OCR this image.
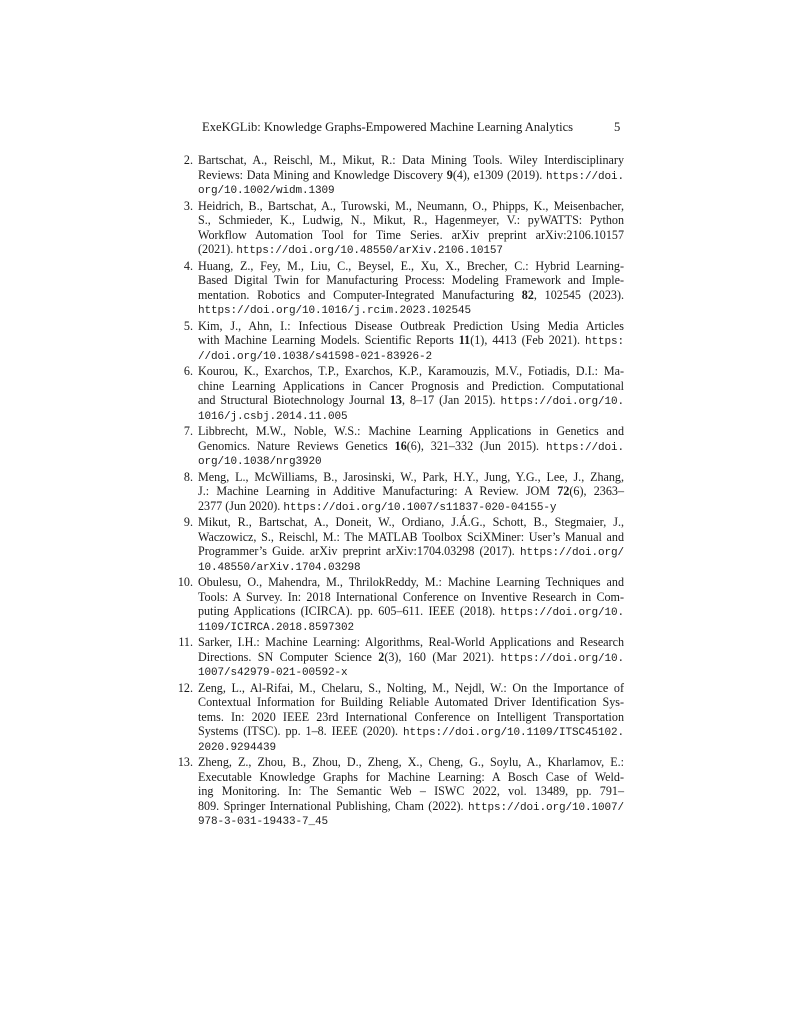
ExeKGLib: Knowledge Graphs-Empowered Machine Learning Analytics	5
2. Bartschat, A., Reischl, M., Mikut, R.: Data Mining Tools. Wiley Interdisciplinary
Reviews: Data Mining and Knowledge Discovery 9(4), e1309 (2019). https://doi.
org/10.1002/widm.1309
3. Heidrich, B., Bartschat, A., Turowski, M., Neumann, O., Phipps, K., Meisenbacher,
S., Schmieder, K., Ludwig, N., Mikut, R., Hagenmeyer, V.: pyWATTS: Python
Workflow Automation Tool for Time Series. arXiv preprint arXiv:2106.10157
(2021). https://doi.org/10.48550/arXiv.2106.10157
4. Huang, Z., Fey, M., Liu, C., Beysel, E., Xu, X., Brecher, C.: Hybrid Learning-
Based Digital Twin for Manufacturing Process: Modeling Framework and Imple-
mentation. Robotics and Computer-Integrated Manufacturing 82, 102545 (2023).
https://doi.org/10.1016/j.rcim.2023.102545
5. Kim, J., Ahn, I.: Infectious Disease Outbreak Prediction Using Media Articles
with Machine Learning Models. Scientific Reports 11(1), 4413 (Feb 2021). https:
//doi.org/10.1038/s41598-021-83926-2
6. Kourou, K., Exarchos, T.P., Exarchos, K.P., Karamouzis, M.V., Fotiadis, D.I.: Ma-
chine Learning Applications in Cancer Prognosis and Prediction. Computational
and Structural Biotechnology Journal 13, 8–17 (Jan 2015). https://doi.org/10.
1016/j.csbj.2014.11.005
7. Libbrecht, M.W., Noble, W.S.: Machine Learning Applications in Genetics and
Genomics. Nature Reviews Genetics 16(6), 321–332 (Jun 2015). https://doi.
org/10.1038/nrg3920
8. Meng, L., McWilliams, B., Jarosinski, W., Park, H.Y., Jung, Y.G., Lee, J., Zhang,
J.: Machine Learning in Additive Manufacturing: A Review. JOM 72(6), 2363–
2377 (Jun 2020). https://doi.org/10.1007/s11837-020-04155-y
9. Mikut, R., Bartschat, A., Doneit, W., Ordiano, J.Á.G., Schott, B., Stegmaier, J.,
Waczowicz, S., Reischl, M.: The MATLAB Toolbox SciXMiner: User’s Manual and
Programmer’s Guide. arXiv preprint arXiv:1704.03298 (2017). https://doi.org/
10.48550/arXiv.1704.03298
10. Obulesu, O., Mahendra, M., ThrilokReddy, M.: Machine Learning Techniques and
Tools: A Survey. In: 2018 International Conference on Inventive Research in Com-
puting Applications (ICIRCA). pp. 605–611. IEEE (2018). https://doi.org/10.
1109/ICIRCA.2018.8597302
11. Sarker, I.H.: Machine Learning: Algorithms, Real-World Applications and Research
Directions. SN Computer Science 2(3), 160 (Mar 2021). https://doi.org/10.
1007/s42979-021-00592-x
12. Zeng, L., Al-Rifai, M., Chelaru, S., Nolting, M., Nejdl, W.: On the Importance of
Contextual Information for Building Reliable Automated Driver Identification Sys-
tems. In: 2020 IEEE 23rd International Conference on Intelligent Transportation
Systems (ITSC). pp. 1–8. IEEE (2020). https://doi.org/10.1109/ITSC45102.
2020.9294439
13. Zheng, Z., Zhou, B., Zhou, D., Zheng, X., Cheng, G., Soylu, A., Kharlamov, E.:
Executable Knowledge Graphs for Machine Learning: A Bosch Case of Weld-
ing Monitoring. In: The Semantic Web – ISWC 2022, vol. 13489, pp. 791–
809. Springer International Publishing, Cham (2022). https://doi.org/10.1007/
978-3-031-19433-7_45
